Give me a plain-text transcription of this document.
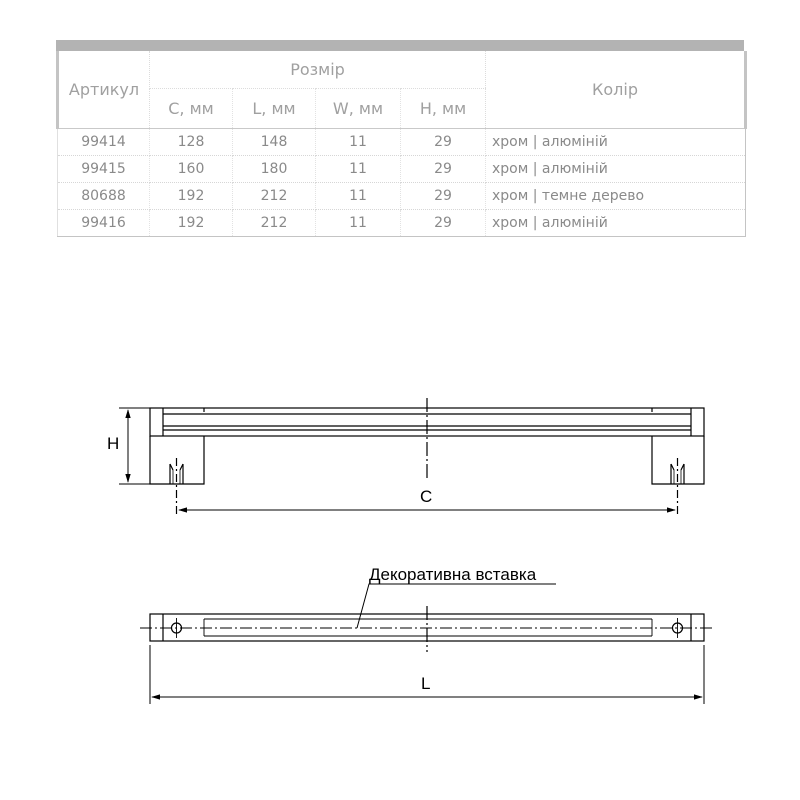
Артикул	Розмір				Колір
	C, мм	L, мм	W, мм	H, мм	
99414	128	148	11	29	хром | алюміній
99415	160	180	11	29	хром | алюміній
80688	192	212	11	29	хром | темне дерево
99416	192	212	11	29	хром | алюміній
H
C
Декоративна вставка
L
